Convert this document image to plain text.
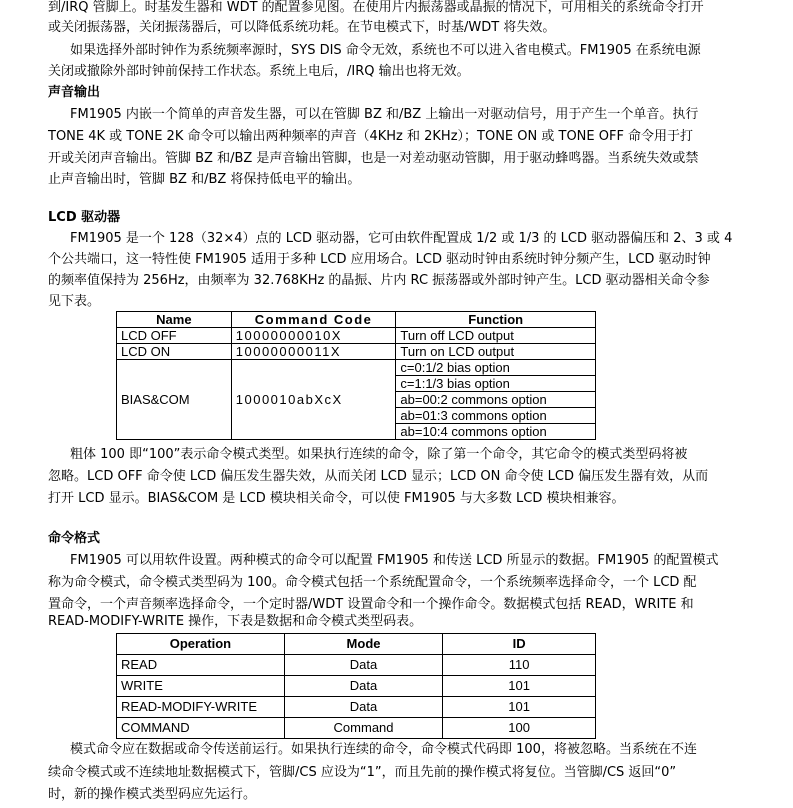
到/IRQ 管脚上。时基发生器和 WDT 的配置参见图。在使用片内振荡器或晶振的情况下，可用相关的系统命令打开
或关闭振荡器，关闭振荡器后，可以降低系统功耗。在节电模式下，时基/WDT 将失效。
如果选择外部时钟作为系统频率源时，SYS DIS 命令无效，系统也不可以进入省电模式。FM1905 在系统电源
关闭或撤除外部时钟前保持工作状态。系统上电后，/IRQ 输出也将无效。
声音输出
FM1905 内嵌一个简单的声音发生器，可以在管脚 BZ 和/BZ 上输出一对驱动信号，用于产生一个单音。执行
TONE 4K 或 TONE 2K 命令可以输出两种频率的声音（4KHz 和 2KHz）；TONE ON 或 TONE OFF 命令用于打
开或关闭声音输出。管脚 BZ 和/BZ 是声音输出管脚，也是一对差动驱动管脚，用于驱动蜂鸣器。当系统失效或禁
止声音输出时，管脚 BZ 和/BZ 将保持低电平的输出。
LCD 驱动器
FM1905 是一个 128（32×4）点的 LCD 驱动器，它可由软件配置成 1/2 或 1/3 的 LCD 驱动器偏压和 2、3 或 4
个公共端口，这一特性使 FM1905 适用于多种 LCD 应用场合。LCD 驱动时钟由系统时钟分频产生，LCD 驱动时钟
的频率值保持为 256Hz，由频率为 32.768KHz 的晶振、片内 RC 振荡器或外部时钟产生。LCD 驱动器相关命令参
见下表。
Name	Command Code	Function
LCD OFF	10000000010X	Turn off LCD output
LCD ON	10000000011X	Turn on LCD output
BIAS&COM	1000010abXcX	c=0:1/2 bias option
		c=1:1/3 bias option
		ab=00:2 commons option
		ab=01:3 commons option
		ab=10:4 commons option
粗体 100 即“100”表示命令模式类型。如果执行连续的命令，除了第一个命令，其它命令的模式类型码将被
忽略。LCD OFF 命令使 LCD 偏压发生器失效，从而关闭 LCD 显示；LCD ON 命令使 LCD 偏压发生器有效，从而
打开 LCD 显示。BIAS&COM 是 LCD 模块相关命令，可以使 FM1905 与大多数 LCD 模块相兼容。
命令格式
FM1905 可以用软件设置。两种模式的命令可以配置 FM1905 和传送 LCD 所显示的数据。FM1905 的配置模式
称为命令模式，命令模式类型码为 100。命令模式包括一个系统配置命令，一个系统频率选择命令，一个 LCD 配
置命令，一个声音频率选择命令，一个定时器/WDT 设置命令和一个操作命令。数据模式包括 READ，WRITE 和
READ-MODIFY-WRITE 操作，下表是数据和命令模式类型码表。
Operation	Mode	ID
READ	Data	110
WRITE	Data	101
READ-MODIFY-WRITE	Data	101
COMMAND	Command	100
模式命令应在数据或命令传送前运行。如果执行连续的命令，命令模式代码即 100，将被忽略。当系统在不连
续命令模式或不连续地址数据模式下，管脚/CS 应设为“1”，而且先前的操作模式将复位。当管脚/CS 返回“0”
时，新的操作模式类型码应先运行。
